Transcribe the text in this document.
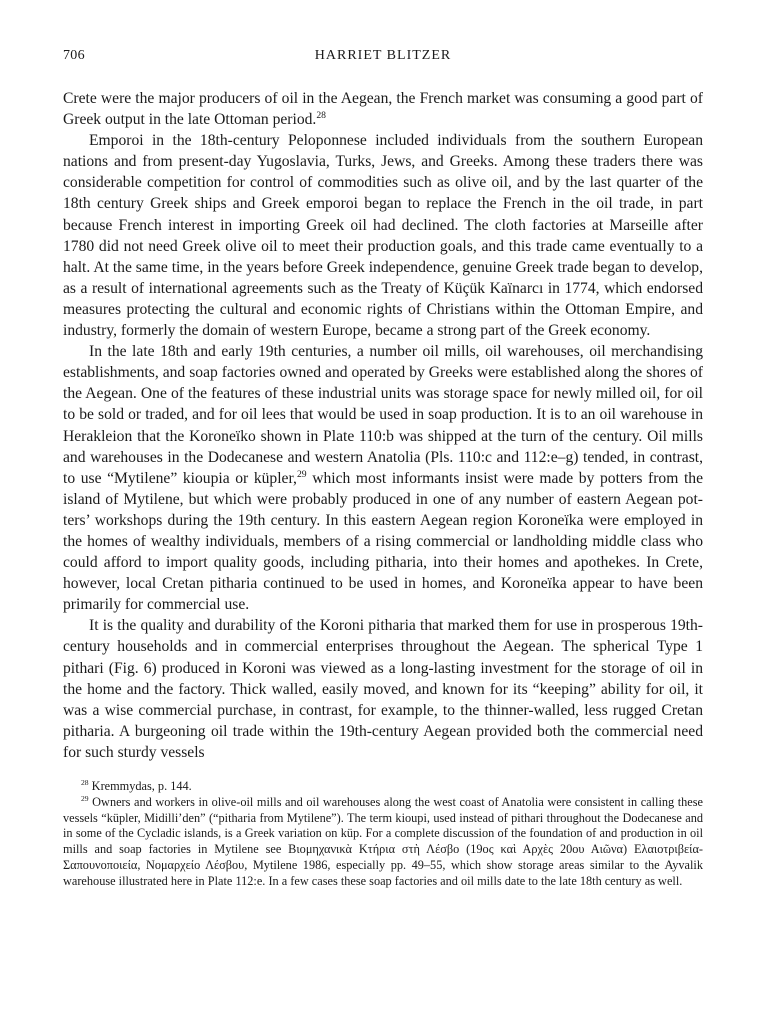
706	HARRIET BLITZER

Crete were the major producers of oil in the Aegean, the French market was consuming a good part of Greek output in the late Ottoman period.$^{28}$

Emporoi in the 18th-century Peloponnese included individuals from the southern European nations and from present-day Yugoslavia, Turks, Jews, and Greeks. Among these traders there was considerable competition for control of commodities such as olive oil, and by the last quarter of the 18th century Greek ships and Greek emporoi began to replace the French in the oil trade, in part because French interest in importing Greek oil had declined. The cloth factories at Marseille after 1780 did not need Greek olive oil to meet their production goals, and this trade came eventually to a halt. At the same time, in the years before Greek independence, genuine Greek trade began to develop, as a result of international agreements such as the Treaty of Küçük Kaïnarcı in 1774, which endorsed measures protecting the cultural and economic rights of Christians within the Ottoman Empire, and industry, formerly the domain of western Europe, became a strong part of the Greek economy.

In the late 18th and early 19th centuries, a number oil mills, oil warehouses, oil merchandising establishments, and soap factories owned and operated by Greeks were established along the shores of the Aegean. One of the features of these industrial units was storage space for newly milled oil, for oil to be sold or traded, and for oil lees that would be used in soap production. It is to an oil warehouse in Herakleion that the Koroneïko shown in Plate 110:b was shipped at the turn of the century. Oil mills and warehouses in the Dodecanese and western Anatolia (Pls. 110:c and 112:e–g) tended, in contrast, to use “Mytilene” kioupia or küpler,$^{29}$ which most informants insist were made by potters from the island of Mytilene, but which were probably produced in one of any number of eastern Aegean potters’ workshops during the 19th century. In this eastern Aegean region Koroneïka were employed in the homes of wealthy individuals, members of a rising commercial or landholding middle class who could afford to import quality goods, including pitharia, into their homes and apothekes. In Crete, however, local Cretan pitharia continued to be used in homes, and Koroneïka appear to have been primarily for commercial use.

It is the quality and durability of the Koroni pitharia that marked them for use in prosperous 19th-century households and in commercial enterprises throughout the Aegean. The spherical Type 1 pithari (Fig. 6) produced in Koroni was viewed as a long-lasting investment for the storage of oil in the home and the factory. Thick walled, easily moved, and known for its “keeping” ability for oil, it was a wise commercial purchase, in contrast, for example, to the thinner-walled, less rugged Cretan pitharia. A burgeoning oil trade within the 19th-century Aegean provided both the commercial need for such sturdy vessels

$^{28}$ Kremmydas, p. 144.

$^{29}$ Owners and workers in olive-oil mills and oil warehouses along the west coast of Anatolia were consistent in calling these vessels “küpler, Midilli’den” (“pitharia from Mytilene”). The term kioupi, used instead of pithari throughout the Dodecanese and in some of the Cycladic islands, is a Greek variation on küp. For a complete discussion of the foundation of and production in oil mills and soap factories in Mytilene see Βιομηχανικὰ Κτήρια στὴ Λέσβο (19ος καὶ Αρχὲς 20ου Αιῶνα) Ελαιοτριβεία-Σαπουνοποιεία, Νομαρχείο Λέσβου, Mytilene 1986, especially pp. 49–55, which show storage areas similar to the Ayvalik warehouse illustrated here in Plate 112:e. In a few cases these soap factories and oil mills date to the late 18th century as well.
